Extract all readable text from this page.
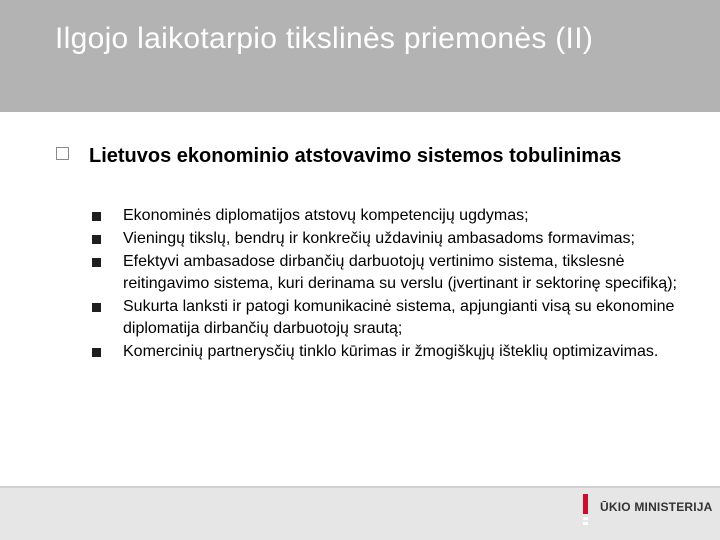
Ilgojo laikotarpio tikslinės priemonės (II)
Lietuvos ekonominio atstovavimo sistemos tobulinimas
Ekonominės diplomatijos atstovų kompetencijų ugdymas;
Vieningų tikslų, bendrų ir konkrečių uždavinių ambasadoms formavimas;
Efektyvi ambasadose dirbančių darbuotojų vertinimo sistema, tikslesnė reitingavimo sistema, kuri derinama su verslu (įvertinant ir sektorinę specifiką);
Sukurta lanksti ir patogi komunikacinė sistema, apjungianti visą su ekonomine diplomatija dirbančių darbuotojų srautą;
Komercinių partnerysčių tinklo kūrimas ir žmogiškųjų išteklių optimizavimas.
ŪKIO MINISTERIJA
